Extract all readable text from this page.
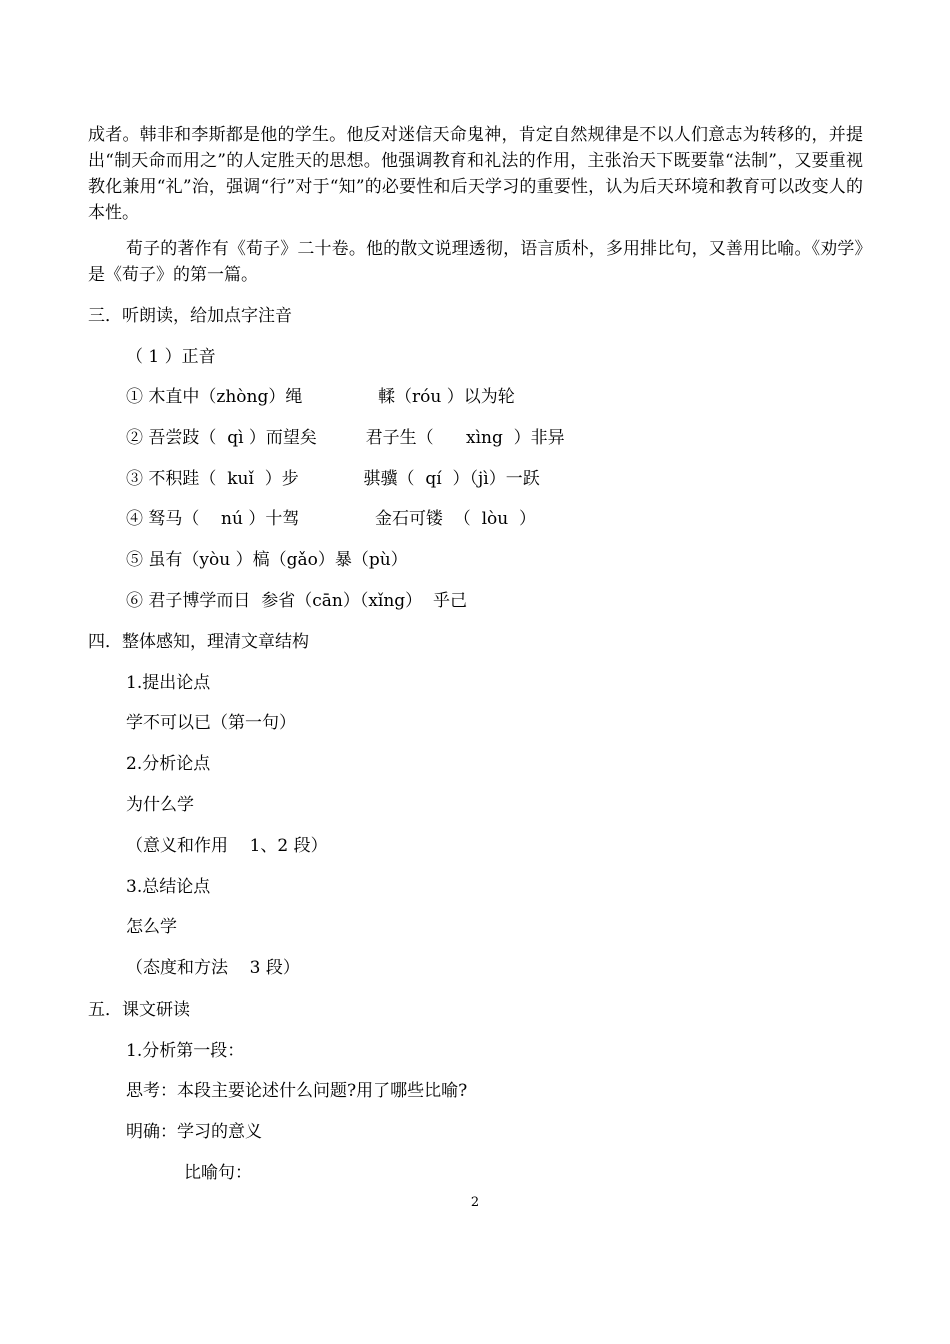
成者。韩非和李斯都是他的学生。他反对迷信天命鬼神，肯定自然规律是不以人们意志为转移的，并提出“制天命而用之”的人定胜天的思想。他强调教育和礼法的作用，主张治天下既要靠“法制”，又要重视教化兼用“礼”治，强调“行”对于“知”的必要性和后天学习的重要性，认为后天环境和教育可以改变人的本性。

荀子的著作有《荀子》二十卷。他的散文说理透彻，语言质朴，多用排比句，又善用比喻。《劝学》是《荀子》的第一篇。

三．听朗读，给加点字注音

（ 1 ）正音

① 木直中（zhòng）绳              輮（róu ）以为轮

② 吾尝跂（  qì ）而望矣         君子生（      xìng  ）非异

③ 不积跬（  kuǐ  ）步            骐骥（  qí  ）（jì）一跃

④ 驽马（    nú ）十驾              金石可镂  （  lòu  ）

⑤ 虽有（yòu ）槁（gǎo）暴（pù）

⑥ 君子博学而日  参省（cān）（xǐng）  乎己

四．整体感知，理清文章结构

1.提出论点

学不可以已（第一句）

2.分析论点

为什么学

（意义和作用    1、2 段）

3.总结论点

怎么学

（态度和方法    3 段）

五．课文研读

1.分析第一段：

思考：本段主要论述什么问题?用了哪些比喻?

明确：学习的意义

比喻句：

2
